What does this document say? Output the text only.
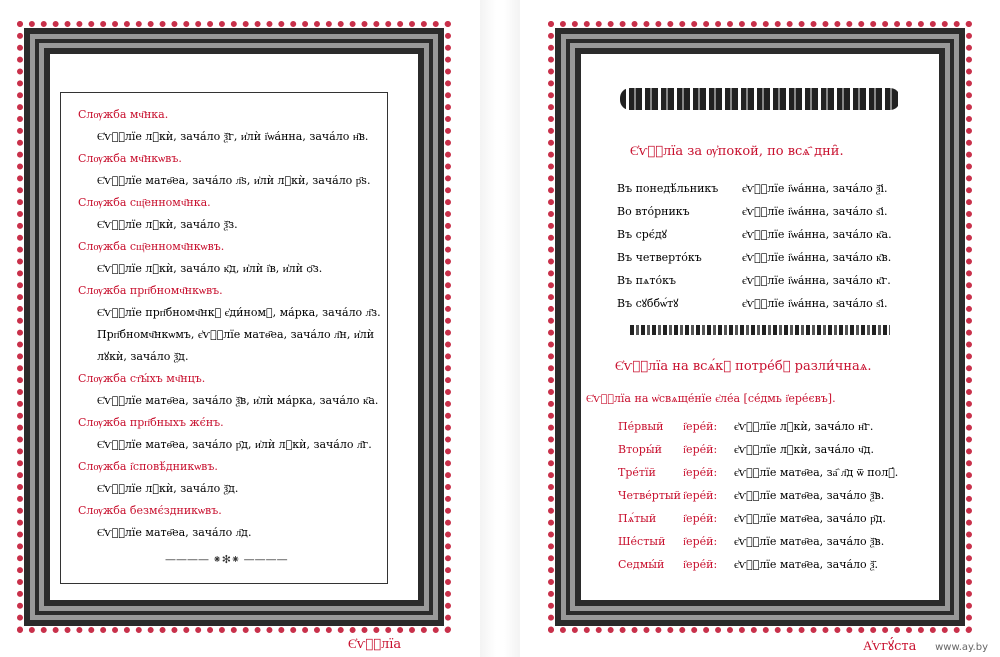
Слѹжба мч҃нка.
Є҆ѵⷢ҇лїе лꙋкѝ, зача́ло ѯ҃г, и҆лѝ і҆ѡа́нна, зача́ло н҃в.
Слѹжба мч҃нкѡвъ.
Є҆ѵⷢ҇лїе матѳ҃еа, зача́ло л҃ѕ, и҆лѝ лꙋкѝ, зача́ло р҃ѕ.
Слѹжба сщ҃енномч҃нка.
Є҆ѵⷢ҇лїе лꙋкѝ, зача́ло ѯ҃з.
Слѹжба сщ҃енномч҃нкѡвъ.
Є҆ѵⷢ҇лїе лꙋкѝ, зача́ло к҃д, и҆лѝ і҆в, и҆лѝ ѻ҃з.
Слѹжба прп҃бномч҃нкѡвъ.
Є҆ѵⷢ҇лїе прп҃бномч҃нкꙋ є҆ди́номꙋ, ма́рка, зача́ло л҃з.
Прп҃бномч҃нкѡмъ, є҆ѵⷢ҇лїе матѳ҃еа, зача́ло л҃н, и҆лѝ
лꙋкѝ, зача́ло ѯ҃д.
Слѹжба ст҃ы́хъ мч҃нцъ.
Є҆ѵⷢ҇лїе матѳ҃еа, зача́ло ѯ҃в, и҆лѝ ма́рка, зача́ло к҃а.
Слѹжба прп҃бныхъ жє́нъ.
Є҆ѵⷢ҇лїе матѳ҃еа, зача́ло р҃д, и҆лѝ лꙋкѝ, зача́ло л҃г.
Слѹжба і҆сповѣ́дникѡвъ.
Є҆ѵⷢ҇лїе лꙋкѝ, зача́ло ѯ҃д.
Слѹжба безмє́здникѡвъ.
Є҆ѵⷢ҇лїе матѳ҃еа, зача́ло л҃д.
———— ⁕✻⁕ ————
Є҆ѵⷢ҇лїа
Є҆ѵⷢ҇лїа за ѹ҆покой, по всѧ҄ дни̑.
Въ понедѣ́льникъ є҆ѵⷢ҇лїе і҆ѡа́нна, зача́ло ѯ҃і.
Во вто́рникъ	є҆ѵⷢ҇лїе і҆ѡа́нна, зача́ло ѕ҃і.
Въ срє́дꙋ	є҆ѵⷢ҇лїе і҆ѡа́нна, зача́ло к҃а.
Въ четверто́къ	є҆ѵⷢ҇лїе і҆ѡа́нна, зача́ло к҃в.
Въ пѧто́къ	є҆ѵⷢ҇лїе і҆ѡа́нна, зача́ло к҃г.
Въ сꙋббѡ́тꙋ	є҆ѵⷢ҇лїе і҆ѡа́нна, зача́ло ѕ҃і.
Є҆ѵⷢ҇лїа на всѧ́кꙋ потре́бꙋ разли́чнаѧ.
Є҆ѵⷢ҇лїа на ѡ҆свѧще́нїе є҆ле́а [се́дмь і҆ере́євъ].
Пе́рвый і҆ере́й: є҆ѵⷢ҇лїе лꙋкѝ, зача́ло н҃г.
Вторы́й і҆ере́й: є҆ѵⷢ҇лїе лꙋкѝ, зача́ло ч҃д.
Тре́тїй і҆ере́й: є҆ѵⷢ҇лїе матѳ҃еа, за҄ л҃д ѿ полꙋ́.
Четве́ртый і҆ере́й: є҆ѵⷢ҇лїе матѳ҃еа, зача́ло ѯ҃в.
Пѧ́тый і҆ере́й: є҆ѵⷢ҇лїе матѳ҃еа, зача́ло р҃д.
Ше́стый і҆ере́й: є҆ѵⷢ҇лїе матѳ҃еа, зача́ло ѯ҃в.
Седмы́й і҆ере́й: є҆ѵⷢ҇лїе матѳ҃еа, зача́ло ѯ҃.
А҆ѵгꙋ́ста www.ay.by
